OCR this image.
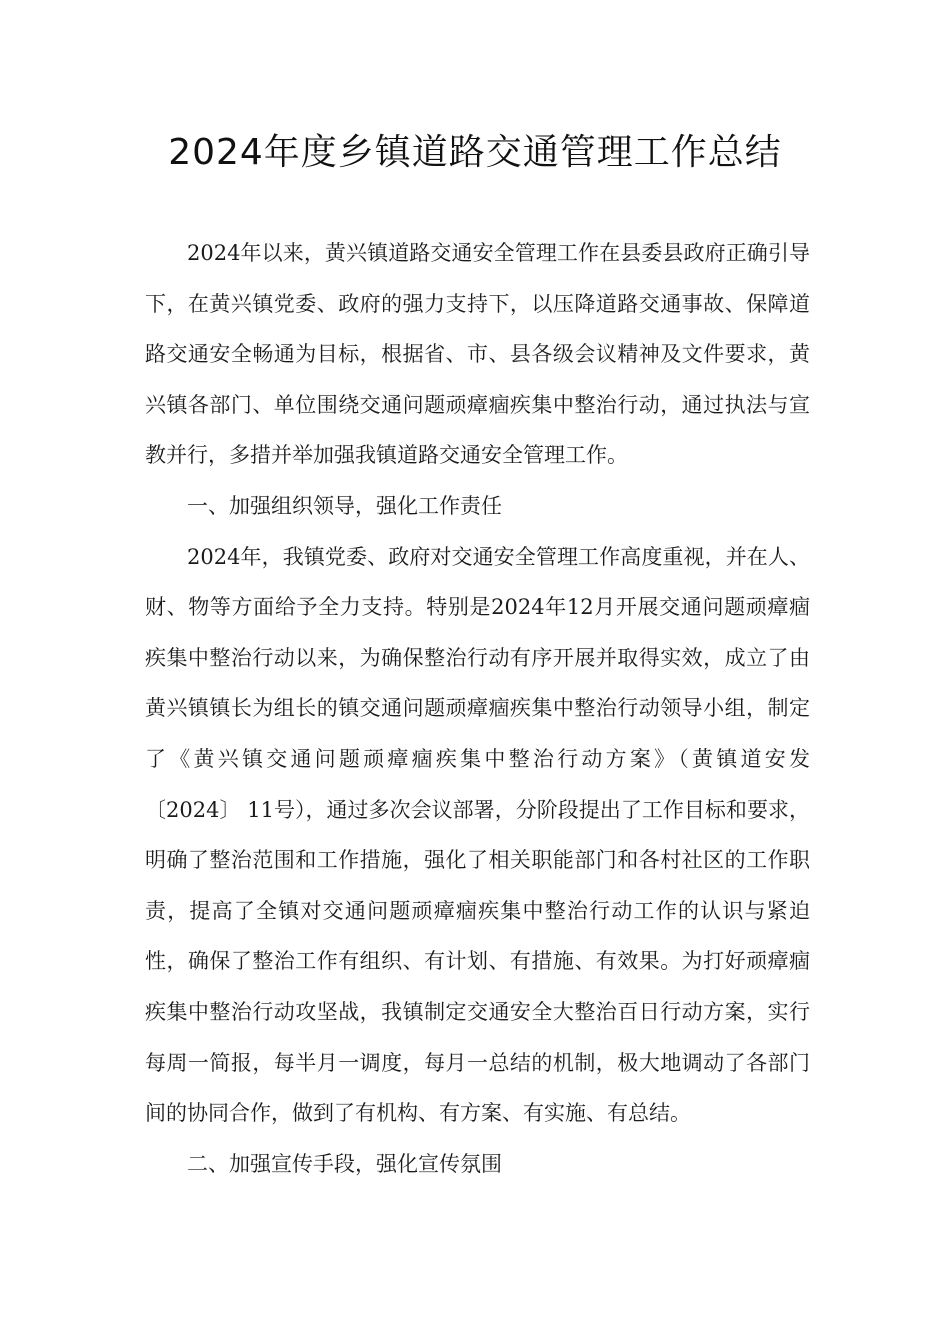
2024年度乡镇道路交通管理工作总结

2024年以来，黄兴镇道路交通安全管理工作在县委县政府正确引导下，在黄兴镇党委、政府的强力支持下，以压降道路交通事故、保障道路交通安全畅通为目标，根据省、市、县各级会议精神及文件要求，黄兴镇各部门、单位围绕交通问题顽瘴痼疾集中整治行动，通过执法与宣教并行，多措并举加强我镇道路交通安全管理工作。

一、加强组织领导，强化工作责任

2024年，我镇党委、政府对交通安全管理工作高度重视，并在人、财、物等方面给予全力支持。特别是2024年12月开展交通问题顽瘴痼疾集中整治行动以来，为确保整治行动有序开展并取得实效，成立了由黄兴镇镇长为组长的镇交通问题顽瘴痼疾集中整治行动领导小组，制定了《黄兴镇交通问题顽瘴痼疾集中整治行动方案》（黄镇道安发〔2024〕 11号），通过多次会议部署，分阶段提出了工作目标和要求，明确了整治范围和工作措施，强化了相关职能部门和各村社区的工作职责，提高了全镇对交通问题顽瘴痼疾集中整治行动工作的认识与紧迫性，确保了整治工作有组织、有计划、有措施、有效果。为打好顽瘴痼疾集中整治行动攻坚战，我镇制定交通安全大整治百日行动方案，实行每周一简报，每半月一调度，每月一总结的机制，极大地调动了各部门间的协同合作，做到了有机构、有方案、有实施、有总结。

二、加强宣传手段，强化宣传氛围
